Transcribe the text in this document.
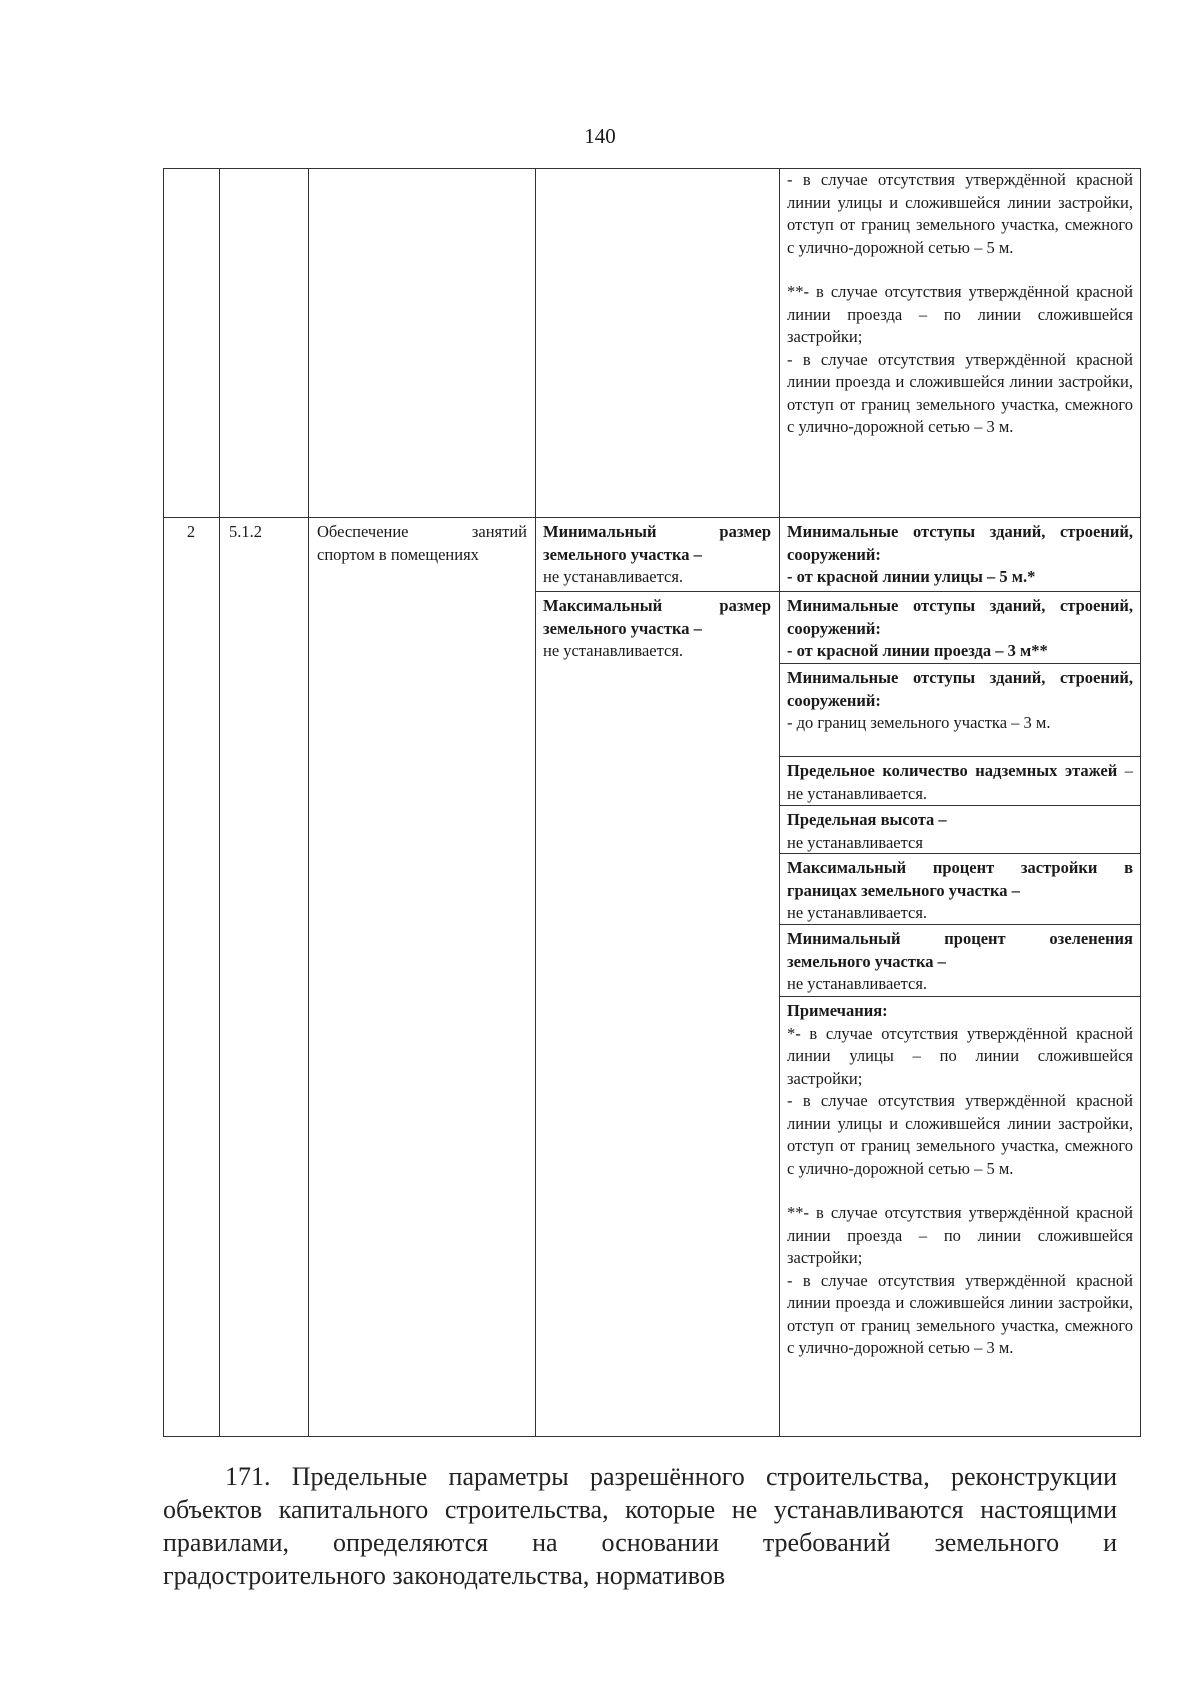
140
- в случае отсутствия утверждённой красной линии улицы и сложившейся линии застройки, отступ от границ земельного участка, смежного с улично-дорожной сетью – 5 м.
**- в случае отсутствия утверждённой красной линии проезда – по линии сложившейся застройки;
- в случае отсутствия утверждённой красной линии проезда и сложившейся линии застройки, отступ от границ земельного участка, смежного с улично-дорожной сетью – 3 м.
2	5.1.2	Обеспечение занятий спортом в помещениях
Минимальный размер земельного участка –
не устанавливается.
Максимальный размер земельного участка –
не устанавливается.
Минимальные отступы зданий, строений, сооружений:
- от красной линии улицы – 5 м.*
Минимальные отступы зданий, строений, сооружений:
- от красной линии проезда – 3 м**
Минимальные отступы зданий, строений, сооружений:
- до границ земельного участка – 3 м.
Предельное количество надземных этажей – не устанавливается.
Предельная высота –
не устанавливается
Максимальный процент застройки в границах земельного участка –
не устанавливается.
Минимальный процент озеленения земельного участка –
не устанавливается.
Примечания:
*- в случае отсутствия утверждённой красной линии улицы – по линии сложившейся застройки;
- в случае отсутствия утверждённой красной линии улицы и сложившейся линии застройки, отступ от границ земельного участка, смежного с улично-дорожной сетью – 5 м.
**- в случае отсутствия утверждённой красной линии проезда – по линии сложившейся застройки;
- в случае отсутствия утверждённой красной линии проезда и сложившейся линии застройки, отступ от границ земельного участка, смежного с улично-дорожной сетью – 3 м.
171. Предельные параметры разрешённого строительства, реконструкции объектов капитального строительства, которые не устанавливаются настоящими правилами, определяются на основании требований земельного и градостроительного законодательства, нормативов
